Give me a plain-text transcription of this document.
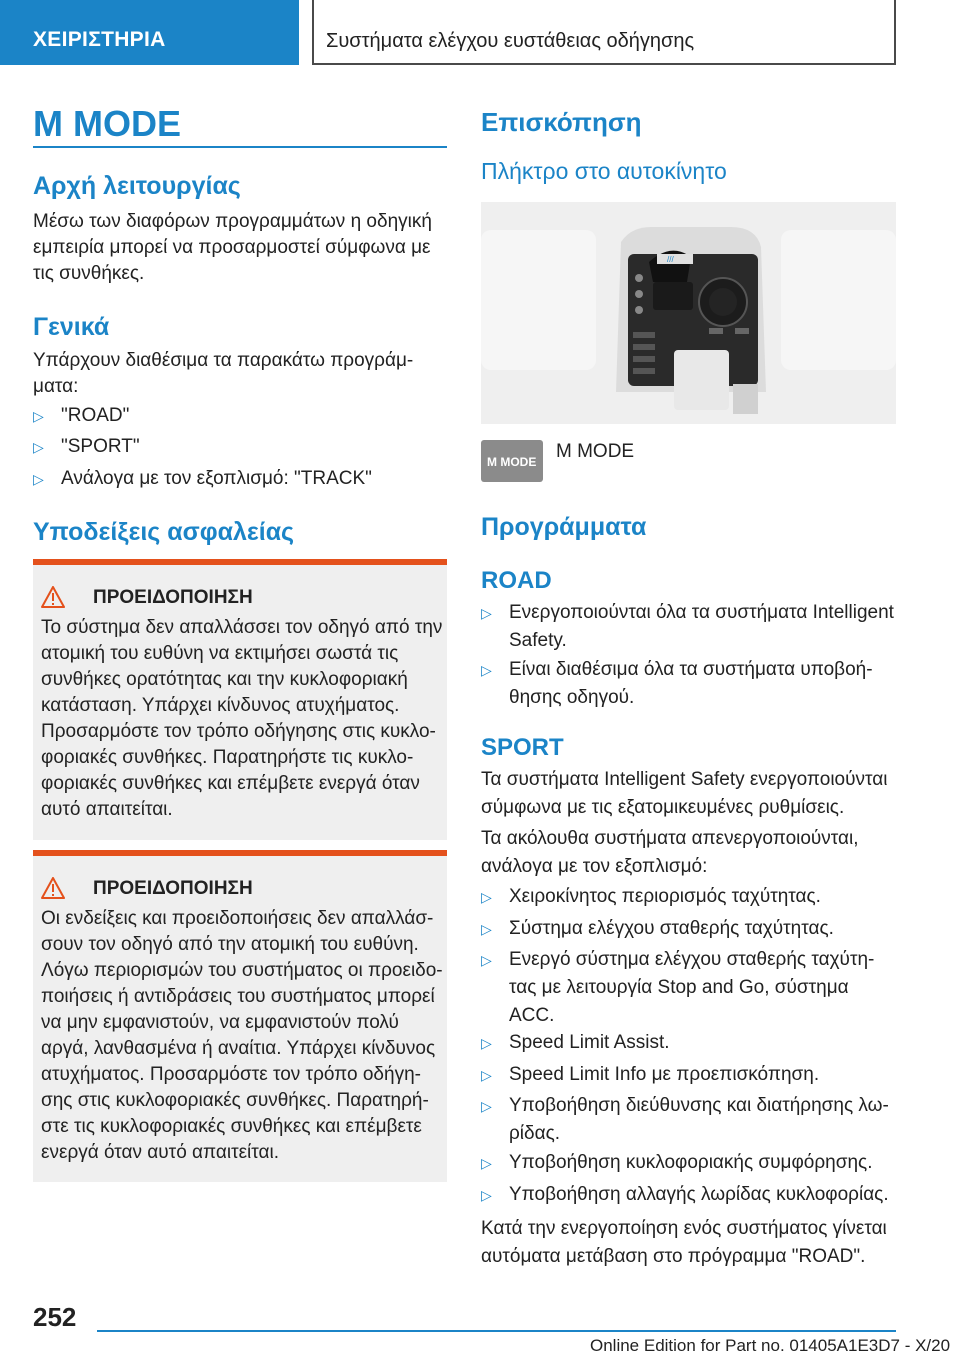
ΧΕΙΡΙΣΤΗΡΙΑ	Συστήματα ελέγχου ευστάθειας οδήγησης
M MODE
Αρχή λειτουργίας
Μέσω των διαφόρων προγραμμάτων η οδηγική εμπειρία μπορεί να προσαρμοστεί σύμφωνα με τις συνθήκες.
Γενικά
Υπάρχουν διαθέσιμα τα παρακάτω προγράμ-ματα:
▷ "ROAD"
▷ "SPORT"
▷ Ανάλογα με τον εξοπλισμό: "TRACK"
Υποδείξεις ασφαλείας
ΠΡΟΕΙΔΟΠΟΙΗΣΗ
Το σύστημα δεν απαλλάσσει τον οδηγό από την ατομική του ευθύνη να εκτιμήσει σωστά τις συνθήκες ορατότητας και την κυκλοφοριακή κατάσταση. Υπάρχει κίνδυνος ατυχήματος. Προσαρμόστε τον τρόπο οδήγησης στις κυκλο-φοριακές συνθήκες. Παρατηρήστε τις κυκλο-φοριακές συνθήκες και επέμβετε ενεργά όταν αυτό απαιτείται.
ΠΡΟΕΙΔΟΠΟΙΗΣΗ
Οι ενδείξεις και προειδοποιήσεις δεν απαλλάσ-σουν τον οδηγό από την ατομική του ευθύνη. Λόγω περιορισμών του συστήματος οι προειδο-ποιήσεις ή αντιδράσεις του συστήματος μπορεί να μην εμφανιστούν, να εμφανιστούν πολύ αργά, λανθασμένα ή αναίτια. Υπάρχει κίνδυνος ατυχήματος. Προσαρμόστε τον τρόπο οδήγη-σης στις κυκλοφοριακές συνθήκες. Παρατηρή-στε τις κυκλοφοριακές συνθήκες και επέμβετε ενεργά όταν αυτό απαιτείται.
Επισκόπηση
Πλήκτρο στο αυτοκίνητο
///
M MODE M MODE
Προγράμματα
ROAD
▷ Ενεργοποιούνται όλα τα συστήματα Intelligent Safety.
▷ Είναι διαθέσιμα όλα τα συστήματα υποβοή-θησης οδηγού.
SPORT
Τα συστήματα Intelligent Safety ενεργοποιούνται σύμφωνα με τις εξατομικευμένες ρυθμίσεις.
Τα ακόλουθα συστήματα απενεργοποιούνται, ανάλογα με τον εξοπλισμό:
▷ Χειροκίνητος περιορισμός ταχύτητας.
▷ Σύστημα ελέγχου σταθερής ταχύτητας.
▷ Ενεργό σύστημα ελέγχου σταθερής ταχύτη-τας με λειτουργία Stop and Go, σύστημα ACC.
▷ Speed Limit Assist.
▷ Speed Limit Info με προεπισκόπηση.
▷ Υποβοήθηση διεύθυνσης και διατήρησης λω-ρίδας.
▷ Υποβοήθηση κυκλοφοριακής συμφόρησης.
▷ Υποβοήθηση αλλαγής λωρίδας κυκλοφορίας.
Κατά την ενεργοποίηση ενός συστήματος γίνεται αυτόματα μετάβαση στο πρόγραμμα "ROAD".
252
Online Edition for Part no. 01405A1E3D7 - X/20
